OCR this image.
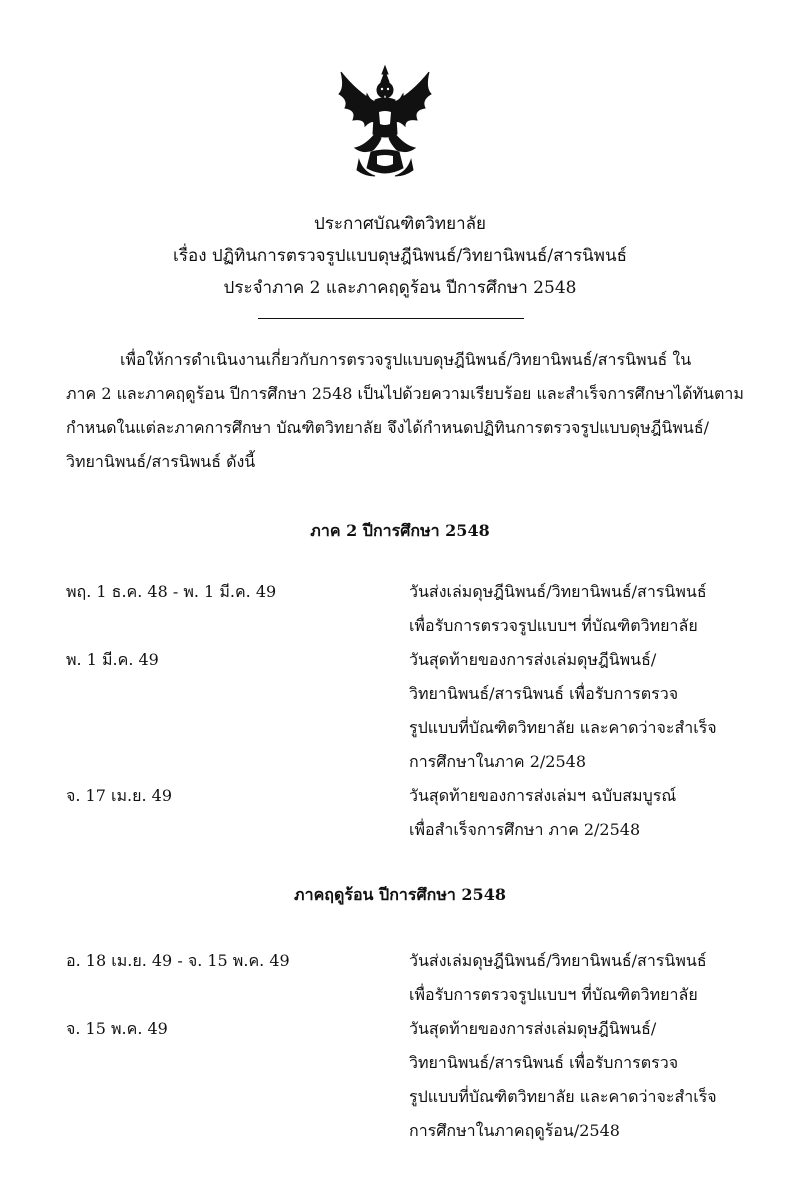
ประกาศบัณฑิตวิทยาลัย
เรื่อง ปฏิทินการตรวจรูปแบบดุษฎีนิพนธ์/วิทยานิพนธ์/สารนิพนธ์
ประจำภาค 2 และภาคฤดูร้อน ปีการศึกษา 2548
เพื่อให้การดำเนินงานเกี่ยวกับการตรวจรูปแบบดุษฎีนิพนธ์/วิทยานิพนธ์/สารนิพนธ์ ใน
ภาค 2 และภาคฤดูร้อน ปีการศึกษา 2548 เป็นไปด้วยความเรียบร้อย และสำเร็จการศึกษาได้ทันตาม
กำหนดในแต่ละภาคการศึกษา บัณฑิตวิทยาลัย จึงได้กำหนดปฏิทินการตรวจรูปแบบดุษฎีนิพนธ์/
วิทยานิพนธ์/สารนิพนธ์ ดังนี้
ภาค 2 ปีการศึกษา 2548
พฤ. 1 ธ.ค. 48 - พ. 1 มี.ค. 49	วันส่งเล่มดุษฎีนิพนธ์/วิทยานิพนธ์/สารนิพนธ์
เพื่อรับการตรวจรูปแบบฯ ที่บัณฑิตวิทยาลัย
พ. 1 มี.ค. 49	วันสุดท้ายของการส่งเล่มดุษฎีนิพนธ์/
วิทยานิพนธ์/สารนิพนธ์ เพื่อรับการตรวจ
รูปแบบที่บัณฑิตวิทยาลัย และคาดว่าจะสำเร็จ
การศึกษาในภาค 2/2548
จ. 17 เม.ย. 49	วันสุดท้ายของการส่งเล่มฯ ฉบับสมบูรณ์
เพื่อสำเร็จการศึกษา ภาค 2/2548
ภาคฤดูร้อน ปีการศึกษา 2548
อ. 18 เม.ย. 49 - จ. 15 พ.ค. 49	วันส่งเล่มดุษฎีนิพนธ์/วิทยานิพนธ์/สารนิพนธ์
เพื่อรับการตรวจรูปแบบฯ ที่บัณฑิตวิทยาลัย
จ. 15 พ.ค. 49	วันสุดท้ายของการส่งเล่มดุษฎีนิพนธ์/
วิทยานิพนธ์/สารนิพนธ์ เพื่อรับการตรวจ
รูปแบบที่บัณฑิตวิทยาลัย และคาดว่าจะสำเร็จ
การศึกษาในภาคฤดูร้อน/2548
